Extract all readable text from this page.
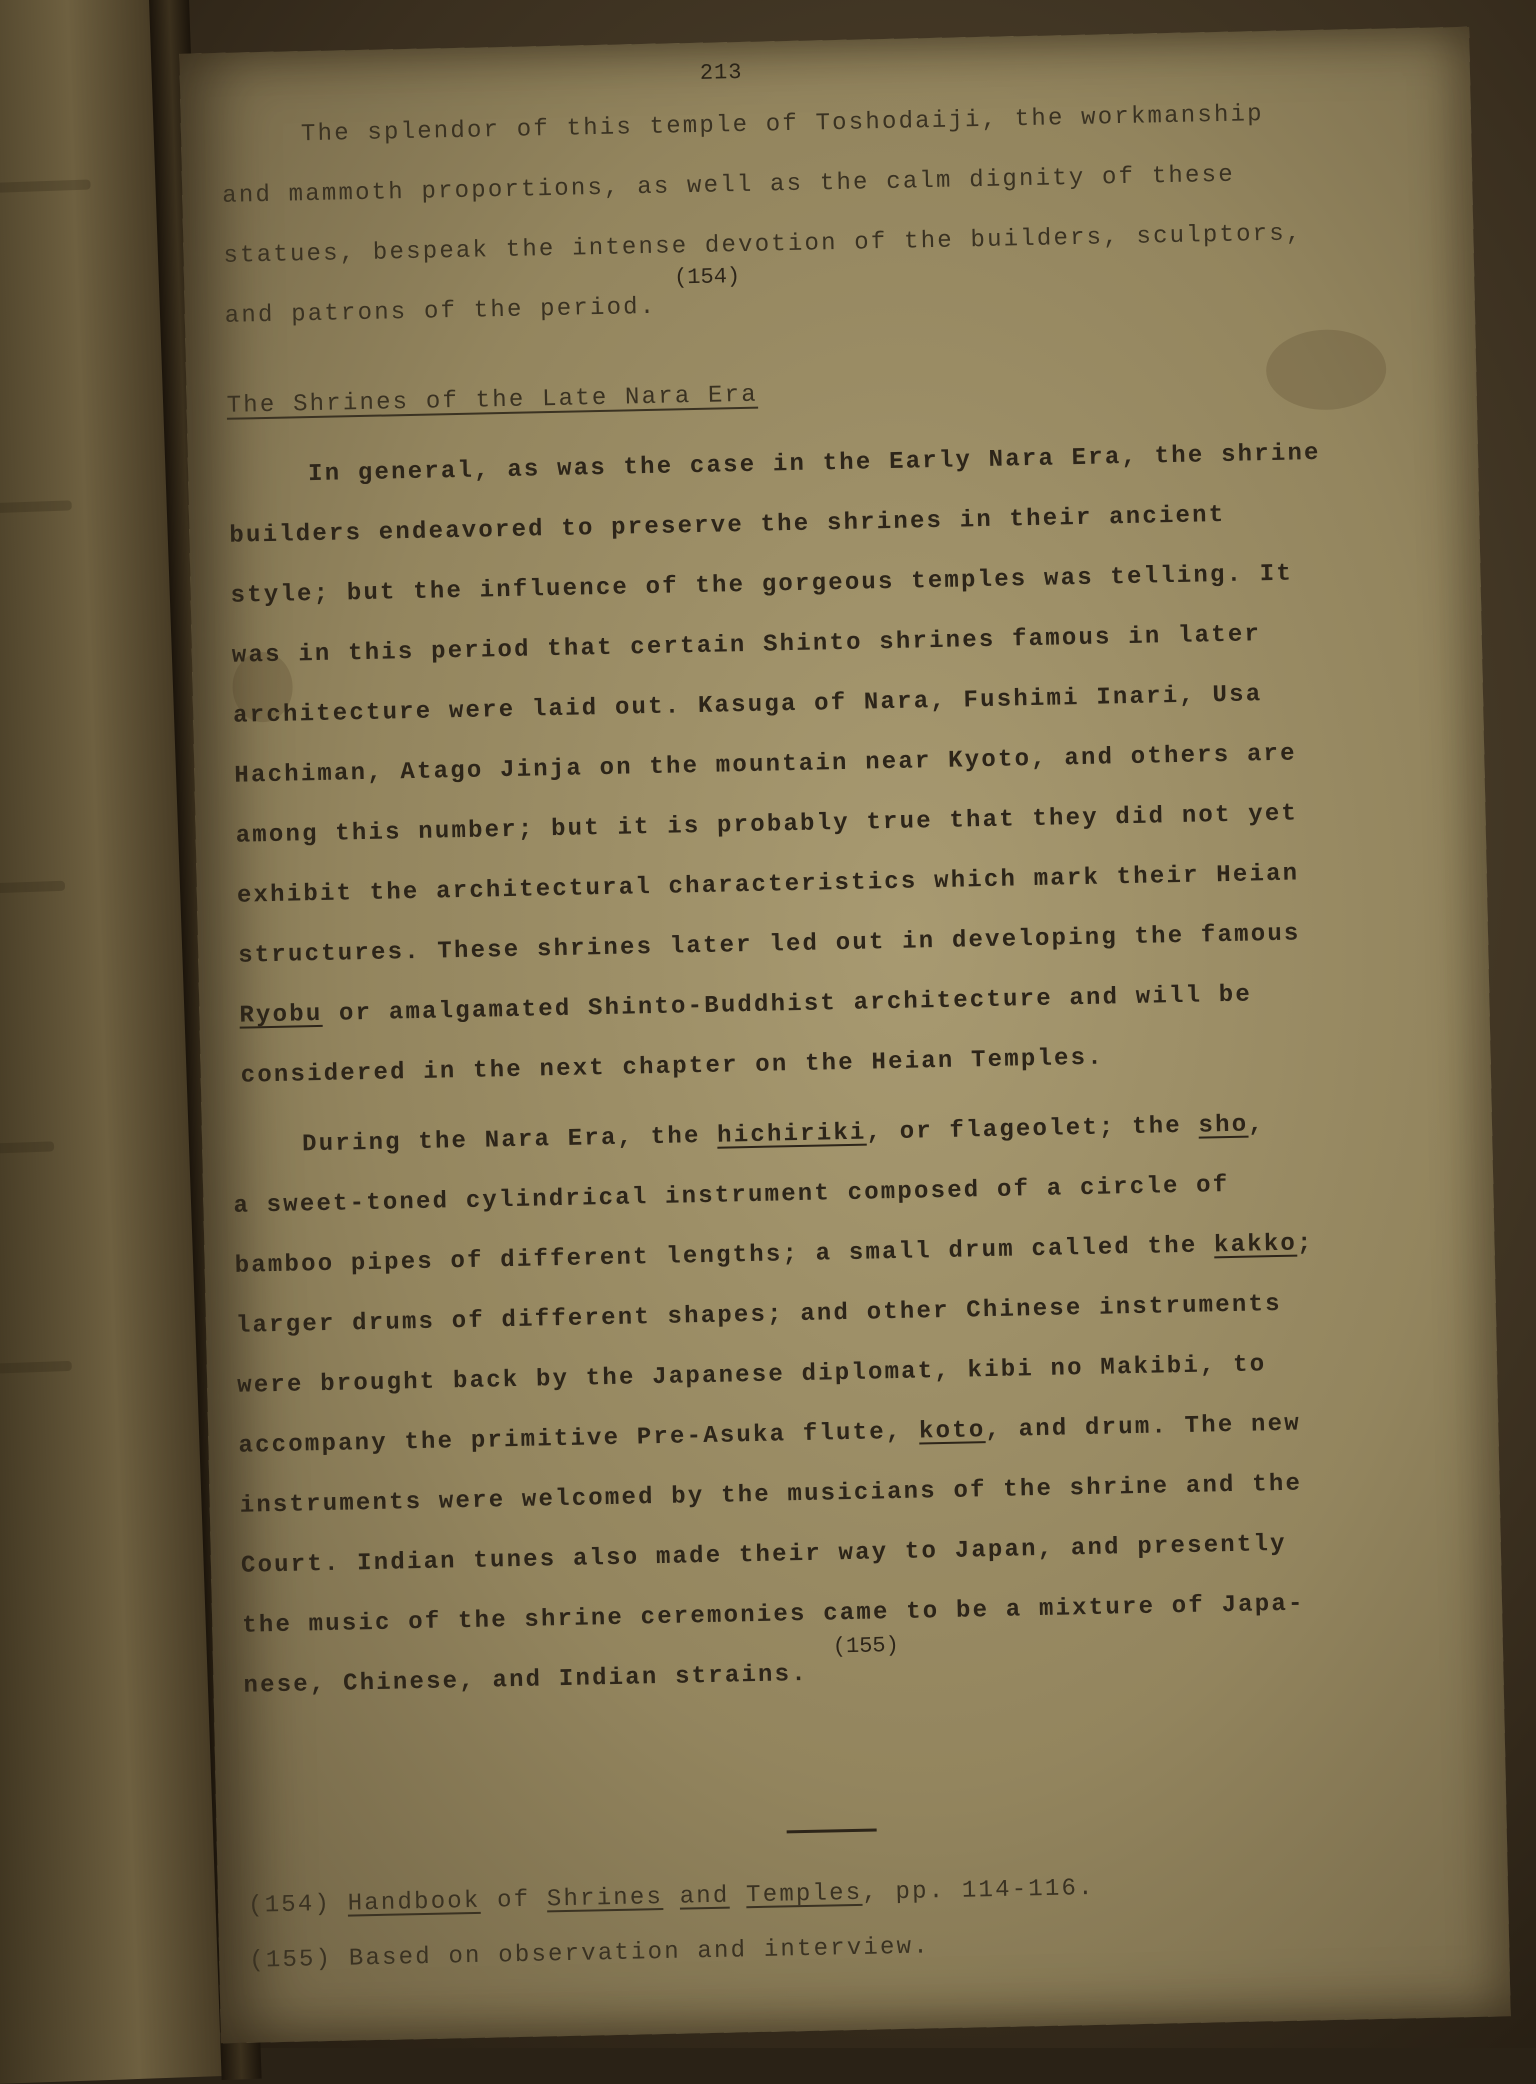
213
The splendor of this temple of Toshodaiji, the workmanship
and mammoth proportions, as well as the calm dignity of these
statues, bespeak the intense devotion of the builders, sculptors,
(154)
and patrons of the period.
The Shrines of the Late Nara Era
In general, as was the case in the Early Nara Era, the shrine
builders endeavored to preserve the shrines in their ancient
style; but the influence of the gorgeous temples was telling. It
was in this period that certain Shinto shrines famous in later
architecture were laid out. Kasuga of Nara, Fushimi Inari, Usa
Hachiman, Atago Jinja on the mountain near Kyoto, and others are
among this number; but it is probably true that they did not yet
exhibit the architectural characteristics which mark their Heian
structures. These shrines later led out in developing the famous
Ryobu or amalgamated Shinto-Buddhist architecture and will be
considered in the next chapter on the Heian Temples.
During the Nara Era, the hichiriki, or flageolet; the sho,
a sweet-toned cylindrical instrument composed of a circle of
bamboo pipes of different lengths; a small drum called the kakko;
larger drums of different shapes; and other Chinese instruments
were brought back by the Japanese diplomat, kibi no Makibi, to
accompany the primitive Pre-Asuka flute, koto, and drum. The new
instruments were welcomed by the musicians of the shrine and the
Court. Indian tunes also made their way to Japan, and presently
the music of the shrine ceremonies came to be a mixture of Japa-
(155)
nese, Chinese, and Indian strains.
(154) Handbook of Shrines and Temples, pp. 114-116.
(155) Based on observation and interview.
